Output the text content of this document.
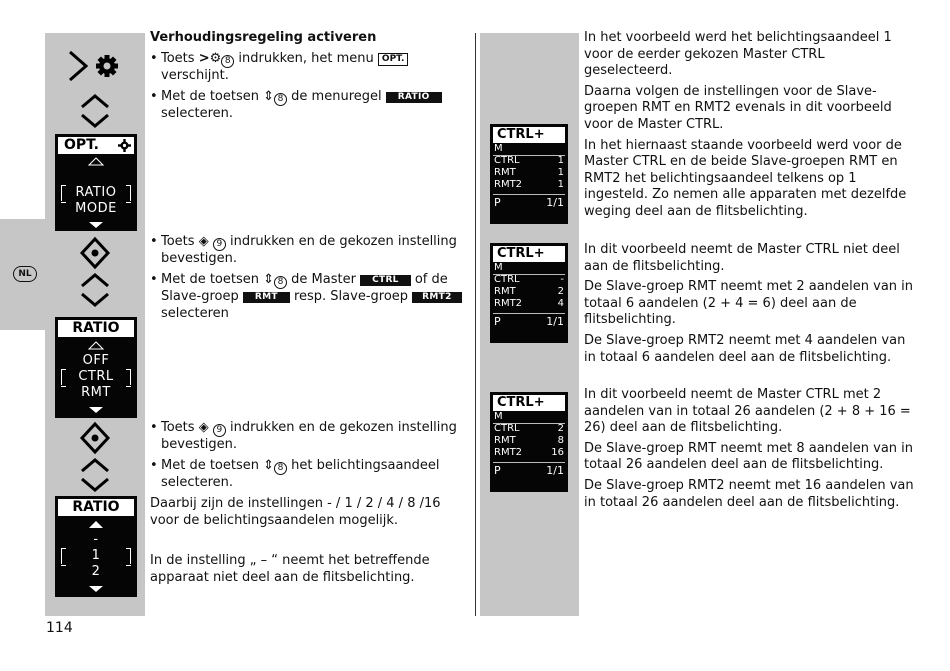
NL
OPT.
RATIO
MODE
RATIO
OFF
CTRL
RMT
RATIO
-
1
2
Verhoudingsregeling activeren
• Toets >⚙ 8 indrukken, het menu OPT. verschijnt.
• Met de toetsen ⇕ 8 de menuregel RATIO
selecteren.
• Toets ◈ 9 indrukken en de gekozen instelling bevestigen.
• Met de toetsen ⇕ 8 de Master CTRL of de
Slave-groep RMT resp. Slave-groep RMT2
selecteren
• Toets ◈ 9 indrukken en de gekozen instelling bevestigen.
• Met de toetsen ⇕ 8 het belichtingsaandeel selecteren.
Daarbij zijn de instellingen - / 1 / 2 / 4 / 8 /16 voor de belichtingsaandelen mogelijk.
In de instelling „ – “ neemt het betreffende apparaat niet deel aan de flitsbelichting.
CTRL+
M
CTRL	1
RMT	1
RMT2	1
P	1/1
CTRL+
M
CTRL	-
RMT	2
RMT2	4
P	1/1
CTRL+
M
CTRL	2
RMT	8
RMT2	16
P	1/1

In het voorbeeld werd het belichtingsaandeel 1 voor de eerder gekozen Master CTRL geselecteerd.

Daarna volgen de instellingen voor de Slave-groepen RMT en RMT2 evenals in dit voorbeeld voor de Master CTRL.

In het hiernaast staande voorbeeld werd voor de Master CTRL en de beide Slave-groepen RMT en RMT2 het belichtingsaandeel telkens op 1 ingesteld. Zo nemen alle apparaten met dezelfde weging deel aan de flitsbelichting.

In dit voorbeeld neemt de Master CTRL niet deel aan de flitsbelichting.

De Slave-groep RMT neemt met 2 aandelen van in totaal 6 aandelen (2 + 4 = 6) deel aan de flitsbelichting.

De Slave-groep RMT2 neemt met 4 aandelen van in totaal 6 aandelen deel aan de flitsbelichting.

In dit voorbeeld neemt de Master CTRL met 2 aandelen van in totaal 26 aandelen (2 + 8 + 16 = 26) deel aan de flitsbelichting.

De Slave-groep RMT neemt met 8 aandelen van in totaal 26 aandelen deel aan de flitsbelichting.

De Slave-groep RMT2 neemt met 16 aandelen van in totaal 26 aandelen deel aan de flitsbelichting.

114
